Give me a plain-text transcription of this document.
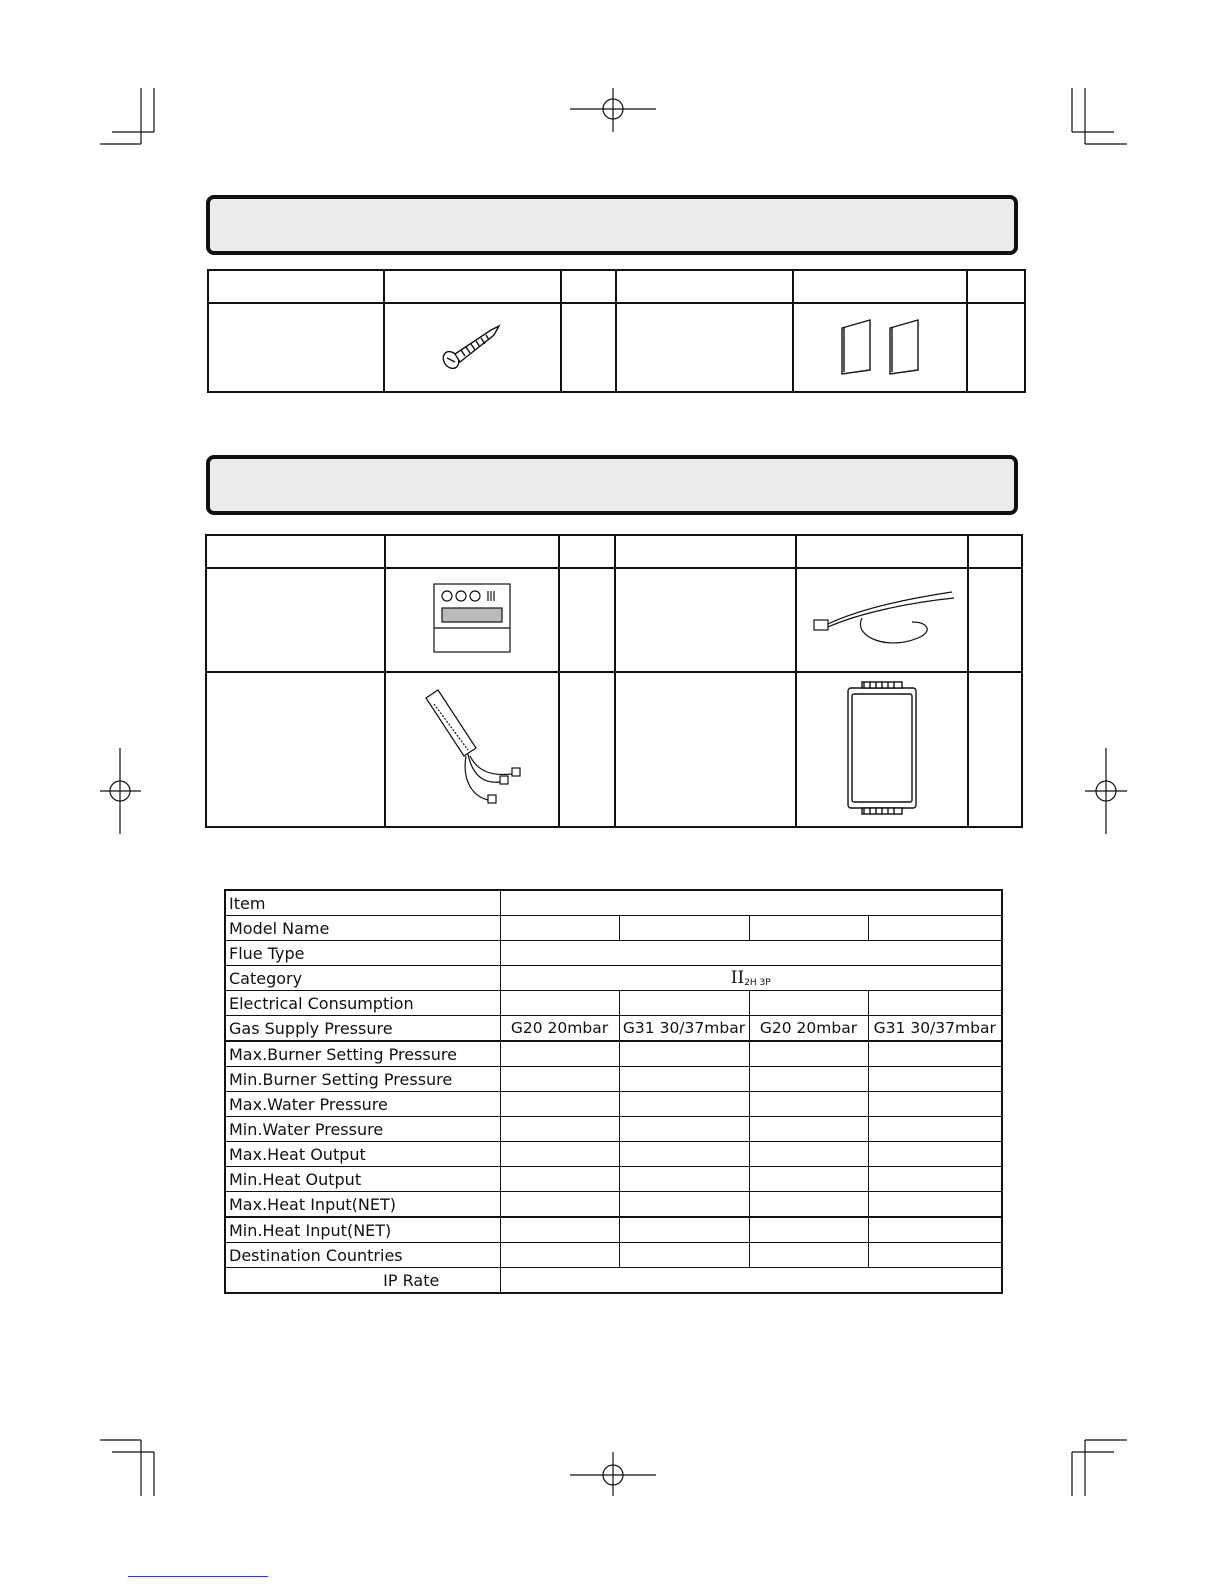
Item				
Model Name				
Flue Type				
Category	II2H 3P			
Electrical Consumption				
Gas Supply Pressure	G20 20mbar	G31 30/37mbar	G20 20mbar	G31 30/37mbar
Max.Burner Setting Pressure				
Min.Burner Setting Pressure				
Max.Water Pressure				
Min.Water Pressure				
Max.Heat Output				
Min.Heat Output				
Max.Heat Input(NET)				
Min.Heat Input(NET)				
Destination Countries				
IP Rate				
